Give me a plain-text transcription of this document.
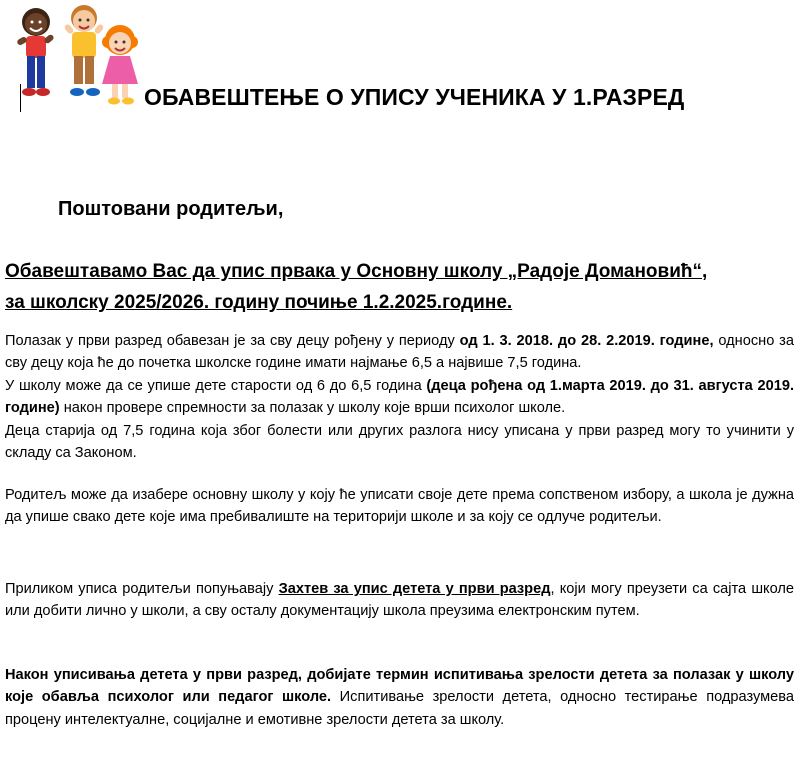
ОБАВЕШТЕЊЕ О УПИСУ УЧЕНИКА У 1.РАЗРЕД
Поштовани родитељи,
Обавештавамо Вас да упис првака у Основну школу „Радоје Домановић“,
за школску 2025/2026. годину почиње 1.2.2025.године.
Полазак у први разред обавезан је за сву децу рођену у периоду од 1. 3. 2018. до 28. 2.2019. године, односно за сву децу која ће до почетка школске године имати најмање 6,5 а највише 7,5 година.
У школу може да се упише дете старости од 6 до 6,5 година (деца рођена од 1.марта 2019. до 31. августа 2019. године) након провере спремности за полазак у школу које врши психолог школе.
Деца старија од 7,5 година која због болести или других разлога нису уписана у први разред могу то учинити у складу са Законом.
Родитељ може да изабере основну школу у коју ће уписати своје дете према сопственом избору, а школа је дужна да упише свако дете које има пребивалиште на територији школе и за коју се одлуче родитељи.
Приликом уписа родитељи попуњавају Захтев за упис детета у први разред, који могу преузети са сајта школе или добити лично у школи, а сву осталу документацију школа преузима електронским путем.
Након уписивања детета у први разред, добијате термин испитивања зрелости детета за полазак у школу које обавља психолог или педагог школе. Испитивање зрелости детета, односно тестирање подразумева процену интелектуалне, социјалне и емотивне зрелости детета за школу.
